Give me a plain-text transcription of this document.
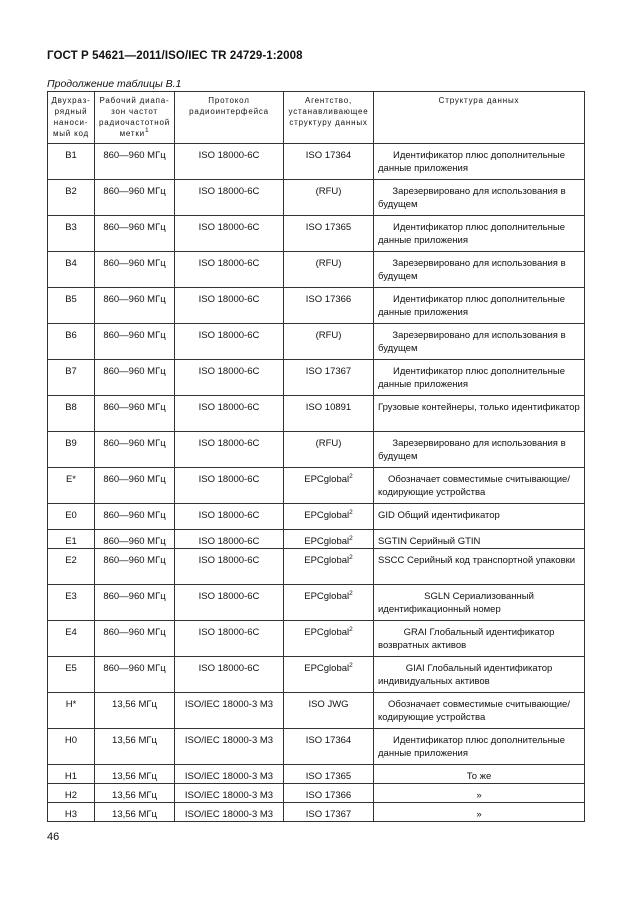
ГОСТ Р 54621—2011/ISO/IEC TR 24729-1:2008
Продолжение таблицы В.1
Двухраз-рядный наноси-мый код	Рабочий диапа-зон частот радиочастотной метки$^1$	Протокол радиоинтерфейса	Агентство, устанавливающее структуру данных	Структура данных
B1	860—960 МГц	ISO 18000-6C	ISO 17364	Идентификатор плюс дополнительные данные приложения
B2	860—960 МГц	ISO 18000-6C	(RFU)	Зарезервировано для использования в будущем
B3	860—960 МГц	ISO 18000-6C	ISO 17365	Идентификатор плюс дополнительные данные приложения
B4	860—960 МГц	ISO 18000-6C	(RFU)	Зарезервировано для использования в будущем
B5	860—960 МГц	ISO 18000-6C	ISO 17366	Идентификатор плюс дополнительные данные приложения
B6	860—960 МГц	ISO 18000-6C	(RFU)	Зарезервировано для использования в будущем
B7	860—960 МГц	ISO 18000-6C	ISO 17367	Идентификатор плюс дополнительные данные приложения
B8	860—960 МГц	ISO 18000-6C	ISO 10891	Грузовые контейнеры, только идентификатор
B9	860—960 МГц	ISO 18000-6C	(RFU)	Зарезервировано для использования в будущем
E*	860—960 МГц	ISO 18000-6C	EPCglobal$^2$	Обозначает совместимые считывающие/кодирующие устройства
E0	860—960 МГц	ISO 18000-6C	EPCglobal$^2$	GID Общий идентификатор
E1	860—960 МГц	ISO 18000-6C	EPCglobal$^2$	SGTIN Серийный GTIN
E2	860—960 МГц	ISO 18000-6C	EPCglobal$^2$	SSCC Серийный код транспортной упаковки
E3	860—960 МГц	ISO 18000-6C	EPCglobal$^2$	SGLN Сериализованный идентификационный номер
E4	860—960 МГц	ISO 18000-6C	EPCglobal$^2$	GRAI Глобальный идентификатор возвратных активов
E5	860—960 МГц	ISO 18000-6C	EPCglobal$^2$	GIAI Глобальный идентификатор индивидуальных активов
H*	13,56 МГц	ISO/IEC 18000-3 M3	ISO JWG	Обозначает совместимые считывающие/кодирующие устройства
H0	13,56 МГц	ISO/IEC 18000-3 M3	ISO 17364	Идентификатор плюс дополнительные данные приложения
H1	13,56 МГц	ISO/IEC 18000-3 M3	ISO 17365	То же
H2	13,56 МГц	ISO/IEC 18000-3 M3	ISO 17366	»
H3	13,56 МГц	ISO/IEC 18000-3 M3	ISO 17367	»
46
